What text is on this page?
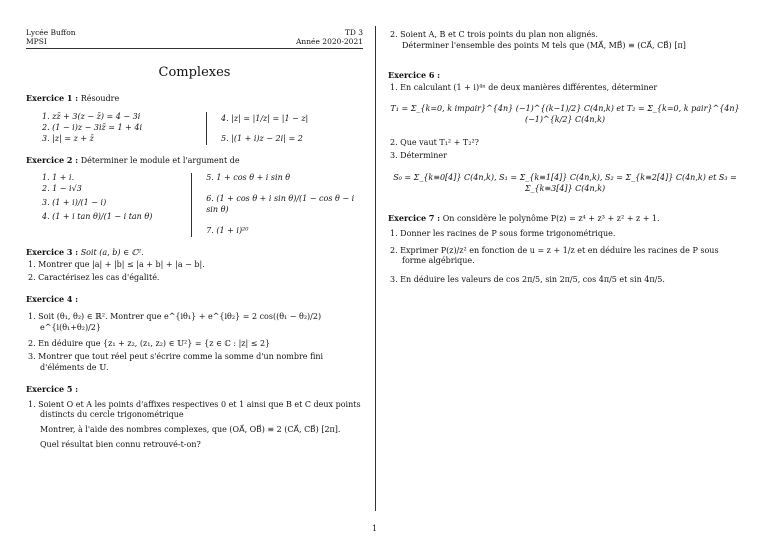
Lycée Buffon
MPSI
TD 3
Année 2020-2021
Complexes
Exercice 1 : Résoudre
1. zz̄ + 3(z − z̄) = 4 − 3i
2. (1 − i)z − 3iz̄ = 1 + 4i
3. |z| = z + z̄
4. |z| = |1/z| = |1 − z|
5. |(1 + i)z − 2i| = 2
Exercice 2 : Déterminer le module et l'argument de
1. 1 + i.
2. 1 − i√3
3. (1 + i)/(1 − i)
4. (1 + i tan θ)/(1 − i tan θ)
5. 1 + cos θ + i sin θ
6. (1 + cos θ + i sin θ)/(1 − cos θ − i sin θ)
7. (1 + i)²⁰
Exercice 3 : Soit (a, b) ∈ ℂ².
1. Montrer que |a| + |b| ≤ |a + b| + |a − b|.
2. Caractérisez les cas d'égalité.
Exercice 4 :
1. Soit (θ₁, θ₂) ∈ ℝ². Montrer que e^{iθ₁} + e^{iθ₂} = 2 cos((θ₁ − θ₂)/2) e^{i(θ₁+θ₂)/2}
2. En déduire que {z₁ + z₂, (z₁, z₂) ∈ 𝕌²} = {z ∈ ℂ : |z| ≤ 2}
3. Montrer que tout réel peut s'écrire comme la somme d'un nombre fini d'éléments de 𝕌.
Exercice 5 :
1. Soient O et A les points d'affixes respectives 0 et 1 ainsi que B et C deux points distincts du cercle trigonométrique
Montrer, à l'aide des nombres complexes, que (OA⃗, OB⃗) ≡ 2 (CA⃗, CB⃗) [2π].
Quel résultat bien connu retrouvé-t-on?
2. Soient A, B et C trois points du plan non alignés.
Déterminer l'ensemble des points M tels que (MA⃗, MB⃗) ≡ (CA⃗, CB⃗) [π]
Exercice 6 :
1. En calculant (1 + i)⁴ⁿ de deux manières différentes, déterminer
T₁ = Σ_{k=0, k impair}^{4n} (−1)^{(k−1)/2} C(4n,k) et T₂ = Σ_{k=0, k pair}^{4n} (−1)^{k/2} C(4n,k)
2. Que vaut T₁² + T₂²?
3. Déterminer
S₀ = Σ_{k≡0[4]} C(4n,k), S₁ = Σ_{k≡1[4]} C(4n,k), S₂ = Σ_{k≡2[4]} C(4n,k) et S₃ = Σ_{k≡3[4]} C(4n,k)
Exercice 7 : On considère le polynôme P(z) = z⁴ + z³ + z² + z + 1.
1. Donner les racines de P sous forme trigonométrique.
2. Exprimer P(z)/z² en fonction de u = z + 1/z et en déduire les racines de P sous forme algébrique.
3. En déduire les valeurs de cos 2π/5, sin 2π/5, cos 4π/5 et sin 4π/5.
1
